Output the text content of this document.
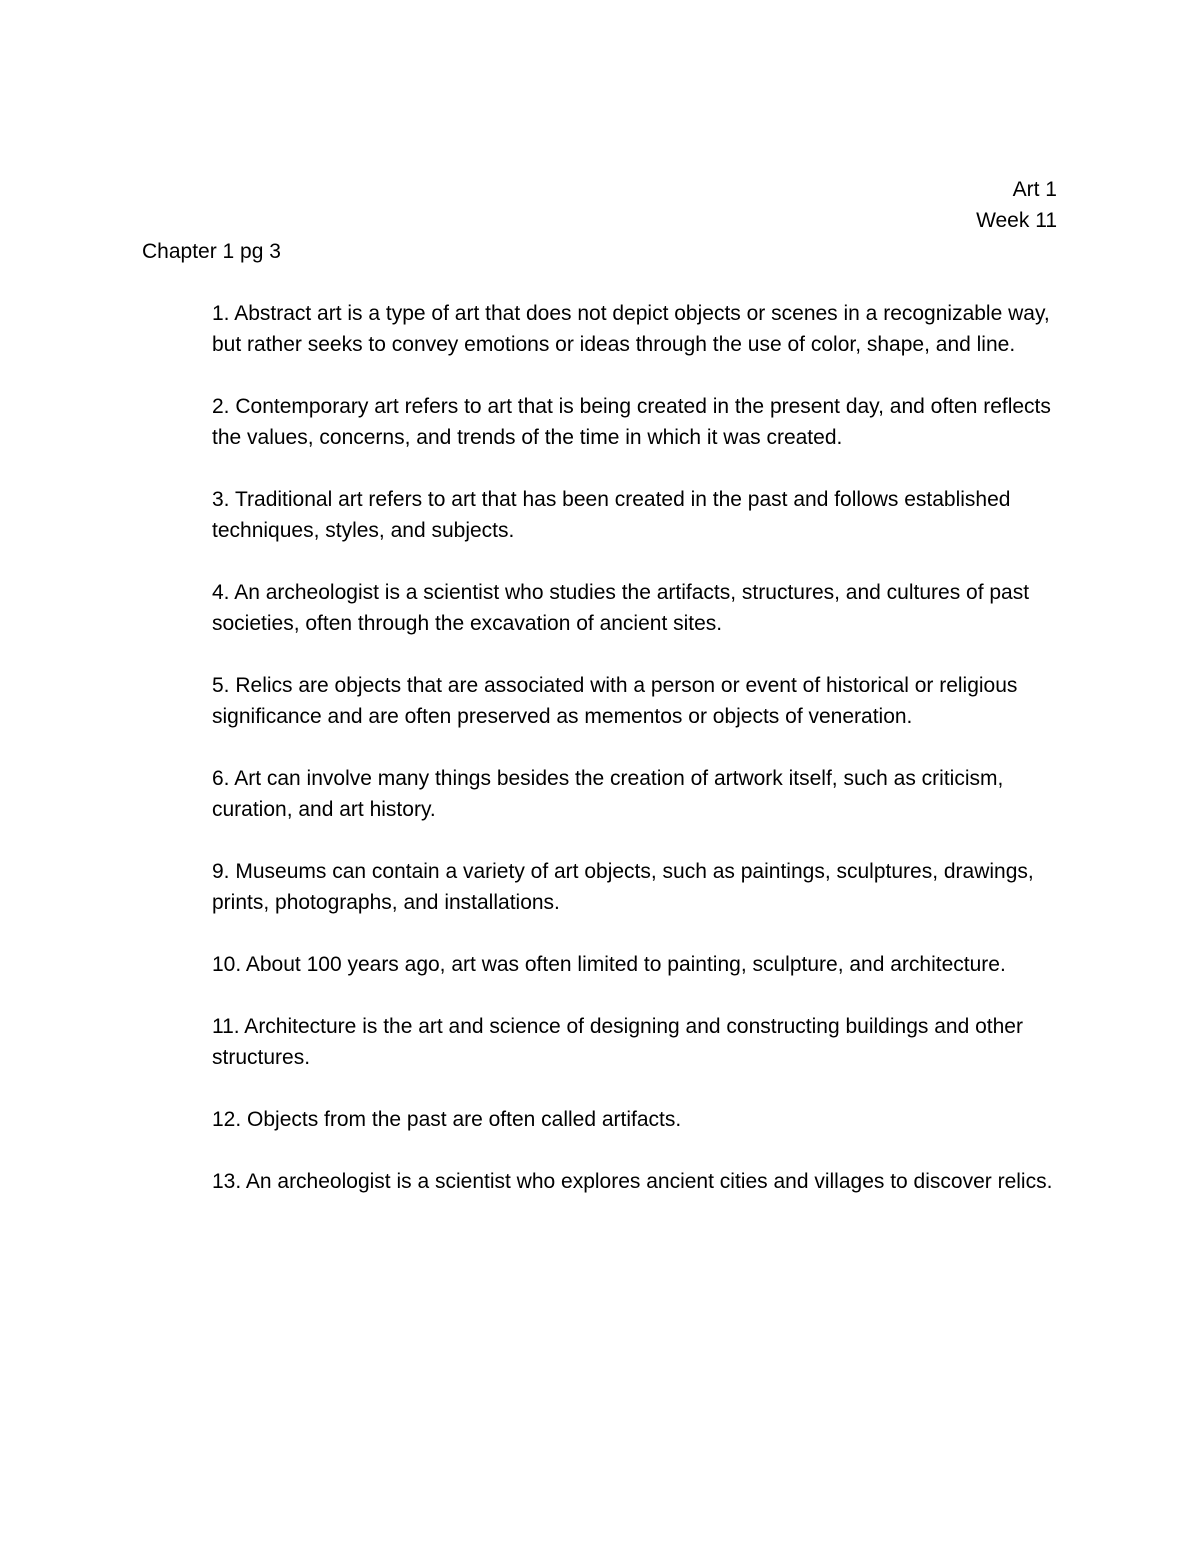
Art 1
Week 11
Chapter 1 pg 3

1. Abstract art is a type of art that does not depict objects or scenes in a recognizable way, but rather seeks to convey emotions or ideas through the use of color, shape, and line.

2. Contemporary art refers to art that is being created in the present day, and often reflects the values, concerns, and trends of the time in which it was created.

3. Traditional art refers to art that has been created in the past and follows established techniques, styles, and subjects.

4. An archeologist is a scientist who studies the artifacts, structures, and cultures of past societies, often through the excavation of ancient sites.

5. Relics are objects that are associated with a person or event of historical or religious significance and are often preserved as mementos or objects of veneration.

6. Art can involve many things besides the creation of artwork itself, such as criticism, curation, and art history.

9. Museums can contain a variety of art objects, such as paintings, sculptures, drawings, prints, photographs, and installations.

10. About 100 years ago, art was often limited to painting, sculpture, and architecture.

11. Architecture is the art and science of designing and constructing buildings and other structures.

12. Objects from the past are often called artifacts.

13. An archeologist is a scientist who explores ancient cities and villages to discover relics.
